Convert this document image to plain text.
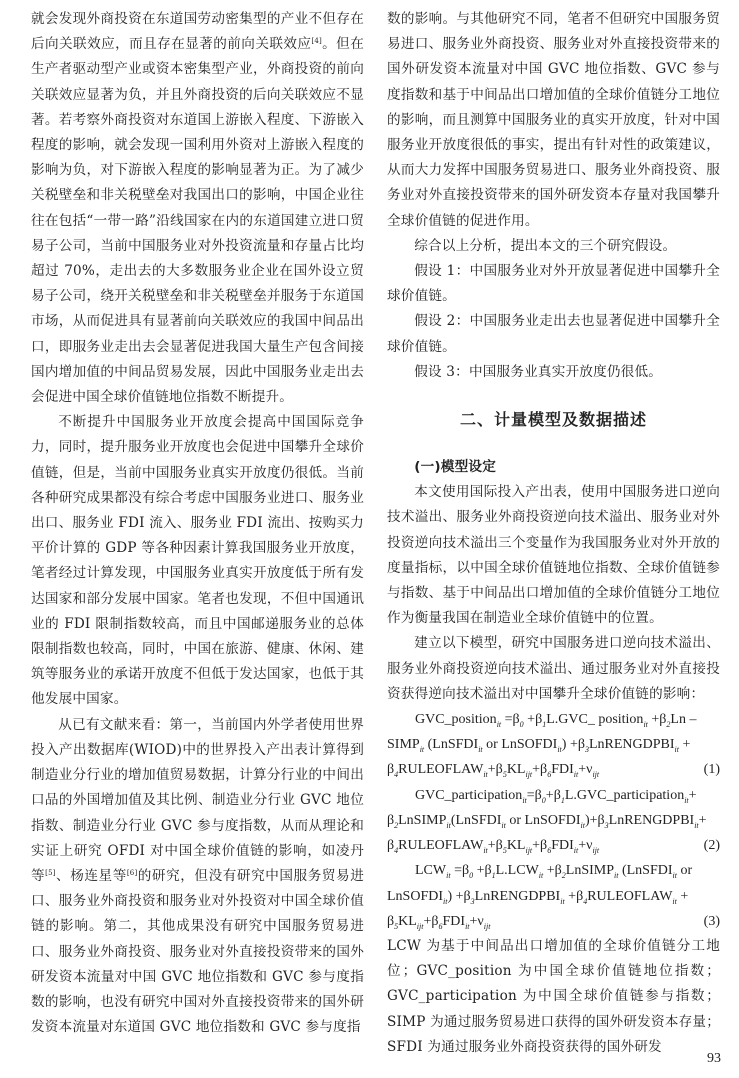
就会发现外商投资在东道国劳动密集型的产业不但存在后向关联效应，而且存在显著的前向关联效应[4]。但在生产者驱动型产业或资本密集型产业，外商投资的前向关联效应显著为负，并且外商投资的后向关联效应不显著。若考察外商投资对东道国上游嵌入程度、下游嵌入程度的影响，就会发现一国利用外资对上游嵌入程度的影响为负，对下游嵌入程度的影响显著为正。为了减少关税壁垒和非关税壁垒对我国出口的影响，中国企业往往在包括“一带一路”沿线国家在内的东道国建立进口贸易子公司，当前中国服务业对外投资流量和存量占比均超过 70%，走出去的大多数服务业企业在国外设立贸易子公司，绕开关税壁垒和非关税壁垒并服务于东道国市场，从而促进具有显著前向关联效应的我国中间品出口，即服务业走出去会显著促进我国大量生产包含间接国内增加值的中间品贸易发展，因此中国服务业走出去会促进中国全球价值链地位指数不断提升。

不断提升中国服务业开放度会提高中国国际竞争力，同时，提升服务业开放度也会促进中国攀升全球价值链，但是，当前中国服务业真实开放度仍很低。当前各种研究成果都没有综合考虑中国服务业进口、服务业出口、服务业 FDI 流入、服务业 FDI 流出、按购买力平价计算的 GDP 等各种因素计算我国服务业开放度，笔者经过计算发现，中国服务业真实开放度低于所有发达国家和部分发展中国家。笔者也发现，不但中国通讯业的 FDI 限制指数较高，而且中国邮递服务业的总体限制指数也较高，同时，中国在旅游、健康、休闲、建筑等服务业的承诺开放度不但低于发达国家，也低于其他发展中国家。

从已有文献来看：第一，当前国内外学者使用世界投入产出数据库(WIOD)中的世界投入产出表计算得到制造业分行业的增加值贸易数据，计算分行业的中间出口品的外国增加值及其比例、制造业分行业 GVC 地位指数、制造业分行业 GVC 参与度指数，从而从理论和实证上研究 OFDI 对中国全球价值链的影响，如凌丹等[5]、杨连星等[6]的研究，但没有研究中国服务贸易进口、服务业外商投资和服务业对外投资对中国全球价值链的影响。第二，其他成果没有研究中国服务贸易进口、服务业外商投资、服务业对外直接投资带来的国外研发资本流量对中国 GVC 地位指数和 GVC 参与度指数的影响，也没有研究中国对外直接投资带来的国外研发资本流量对东道国 GVC 地位指数和 GVC 参与度指

数的影响。与其他研究不同，笔者不但研究中国服务贸易进口、服务业外商投资、服务业对外直接投资带来的国外研发资本流量对中国 GVC 地位指数、GVC 参与度指数和基于中间品出口增加值的全球价值链分工地位的影响，而且测算中国服务业的真实开放度，针对中国服务业开放度很低的事实，提出有针对性的政策建议，从而大力发挥中国服务贸易进口、服务业外商投资、服务业对外直接投资带来的国外研发资本存量对我国攀升全球价值链的促进作用。

综合以上分析，提出本文的三个研究假设。

假设 1：中国服务业对外开放显著促进中国攀升全球价值链。

假设 2：中国服务业走出去也显著促进中国攀升全球价值链。

假设 3：中国服务业真实开放度仍很低。

二、计量模型及数据描述

(一)模型设定

本文使用国际投入产出表，使用中国服务进口逆向技术溢出、服务业外商投资逆向技术溢出、服务业对外投资逆向技术溢出三个变量作为我国服务业对外开放的度量指标，以中国全球价值链地位指数、全球价值链参与指数、基于中间品出口增加值的全球价值链分工地位作为衡量我国在制造业全球价值链中的位置。

建立以下模型，研究中国服务进口逆向技术溢出、服务业外商投资逆向技术溢出、通过服务业对外直接投资获得逆向技术溢出对中国攀升全球价值链的影响：

GVC_position$_{it}$ $=\beta_0$ $+\beta_1L.GVC\_$ position$_{it}$ $+\beta_2Ln$ –

$SIMP_{it}$ (LnSFDI$_{it}$ or LnSOFDI$_{it}$) $+\beta_3LnRENGDPBI_{it}$ +

$\beta_4RULEOFLAW_{it}+\beta_5KL_{ijt}+\beta_6FDI_{it}+\nu_{ijt}$	(1)

$GVC\_participation_{it}=\beta_0+\beta_1L.GVC\_participation_{it}+$

$\beta_2LnSIMP_{it}(LnSFDI_{it}$ or $LnSOFDI_{it})+\beta_3LnRENGDPBI_{it}+$

$\beta_4RULEOFLAW_{it}+\beta_5KL_{ijt}+\beta_6FDI_{it}+\nu_{ijt}$	(2)

$LCW_{it} =\beta_0 +\beta_1L.LCW_{it}$ $+\beta_2LnSIMP_{it}$ (LnSFDI$_{it}$ or

LnSOFDI$_{it}$) $+\beta_3LnRENGDPBI_{it}$ $+\beta_4RULEOFLAW_{it}$ +

$\beta_5KL_{ijt}+\beta_6FDI_{it}+\nu_{ijt}$	(3)

LCW 为基于中间品出口增加值的全球价值链分工地位；GVC_position 为中国全球价值链地位指数；GVC_participation 为中国全球价值链参与指数；SIMP 为通过服务贸易进口获得的国外研发资本存量；SFDI 为通过服务业外商投资获得的国外研发

93
